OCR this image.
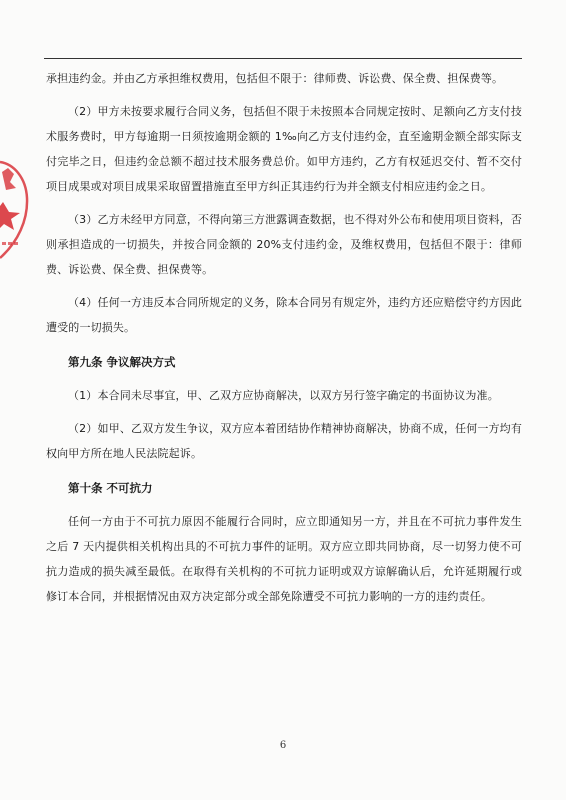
承担违约金。并由乙方承担维权费用，包括但不限于：律师费、诉讼费、保全费、担保费等。

（2）甲方未按要求履行合同义务，包括但不限于未按照本合同规定按时、足额向乙方支付技术服务费时，甲方每逾期一日须按逾期金额的 1‰向乙方支付违约金，直至逾期金额全部实际支付完毕之日，但违约金总额不超过技术服务费总价。如甲方违约，乙方有权延迟交付、暂不交付项目成果或对项目成果采取留置措施直至甲方纠正其违约行为并全额支付相应违约金之日。

（3）乙方未经甲方同意，不得向第三方泄露调查数据，也不得对外公布和使用项目资料，否则承担造成的一切损失，并按合同金额的 20%支付违约金，及维权费用，包括但不限于：律师费、诉讼费、保全费、担保费等。

（4）任何一方违反本合同所规定的义务，除本合同另有规定外，违约方还应赔偿守约方因此遭受的一切损失。

第九条 争议解决方式

（1）本合同未尽事宜，甲、乙双方应协商解决，以双方另行签字确定的书面协议为准。

（2）如甲、乙双方发生争议，双方应本着团结协作精神协商解决，协商不成，任何一方均有权向甲方所在地人民法院起诉。

第十条 不可抗力

任何一方由于不可抗力原因不能履行合同时，应立即通知另一方，并且在不可抗力事件发生之后 7 天内提供相关机构出具的不可抗力事件的证明。双方应立即共同协商，尽一切努力使不可抗力造成的损失减至最低。在取得有关机构的不可抗力证明或双方谅解确认后，允许延期履行或修订本合同，并根据情况由双方决定部分或全部免除遭受不可抗力影响的一方的违约责任。

6
